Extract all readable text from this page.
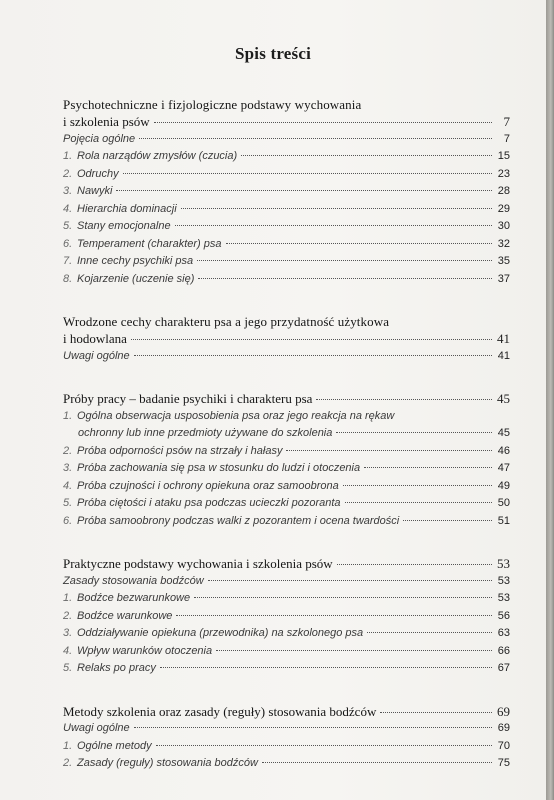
Spis treści
Psychotechniczne i fizjologiczne podstawy wychowania
i szkolenia psów	7
Pojęcia ogólne	7
1. Rola narządów zmysłów (czucia)	15
2. Odruchy	23
3. Nawyki	28
4. Hierarchia dominacji	29
5. Stany emocjonalne	30
6. Temperament (charakter) psa	32
7. Inne cechy psychiki psa	35
8. Kojarzenie (uczenie się)	37
Wrodzone cechy charakteru psa a jego przydatność użytkowa
i hodowlana	41
Uwagi ogólne	41
Próby pracy – badanie psychiki i charakteru psa	45
1. Ogólna obserwacja usposobienia psa oraz jego reakcja na rękaw
ochronny lub inne przedmioty używane do szkolenia	45
2. Próba odporności psów na strzały i hałasy	46
3. Próba zachowania się psa w stosunku do ludzi i otoczenia	47
4. Próba czujności i ochrony opiekuna oraz samoobrona	49
5. Próba ciętości i ataku psa podczas ucieczki pozoranta	50
6. Próba samoobrony podczas walki z pozorantem i ocena twardości	51
Praktyczne podstawy wychowania i szkolenia psów	53
Zasady stosowania bodźców	53
1. Bodźce bezwarunkowe	53
2. Bodźce warunkowe	56
3. Oddziaływanie opiekuna (przewodnika) na szkolonego psa	63
4. Wpływ warunków otoczenia	66
5. Relaks po pracy	67
Metody szkolenia oraz zasady (reguły) stosowania bodźców	69
Uwagi ogólne	69
1. Ogólne metody	70
2. Zasady (reguły) stosowania bodźców	75
